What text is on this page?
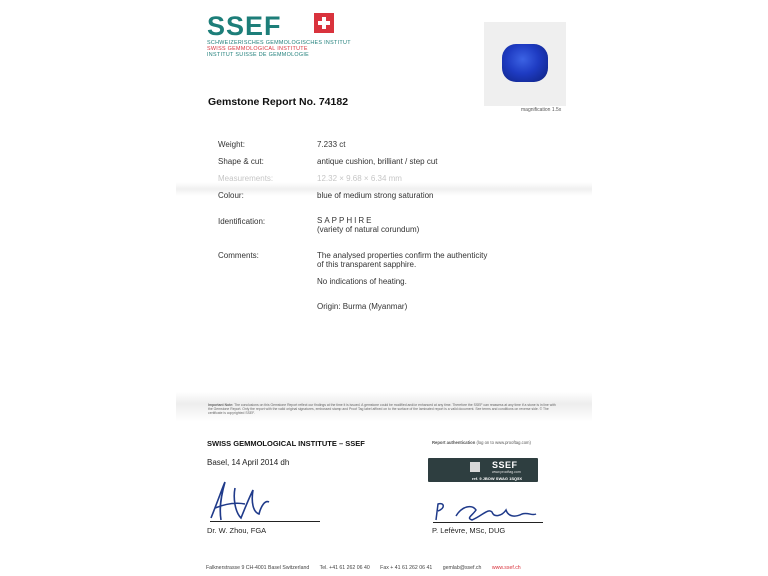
SSEF
SCHWEIZERISCHES GEMMOLOGISCHES INSTITUT
SWISS GEMMOLOGICAL INSTITUTE
INSTITUT SUISSE DE GEMMOLOGIE
magnification 1.5x
Gemstone Report No. 74182
Weight:	7.233 ct
Shape & cut:	antique cushion, brilliant / step cut
Measurements:	12.32 × 9.68 × 6.34 mm
Colour:	blue of medium strong saturation
Identification:	SAPPHIRE
(variety of natural corundum)
Comments:	The analysed properties confirm the authenticity
of this transparent sapphire.
No indications of heating.
Origin: Burma (Myanmar)
Important Note: The conclusions on this Gemstone Report reflect our findings at the time it is issued. A gemstone could be modified and/or enhanced at any time. Therefore the SSEF can reassess at any time if a stone is in line with the Gemstone Report. Only the report with the valid original signatures, embossed stamp and Proof Tag label affixed on to the surface of the laminated report is a valid document. See terms and conditions on reverse side. © The certificate is copyrighted SSEF.
SWISS GEMMOLOGICAL INSTITUTE – SSEF	Report authentication (log on to www.prooftag.com)
Basel, 14 April 2014 dh	SSEF
www.prooftag.com
ref. 9 JBOW SWAG 1SQ5X
Dr. W. Zhou, FGA	P. Lefèvre, MSc, DUG
Falknerstrasse 9 CH-4001 Basel Switzerland Tel. +41 61 262 06 40 Fax + 41 61 262 06 41 gemlab@ssef.ch www.ssef.ch
